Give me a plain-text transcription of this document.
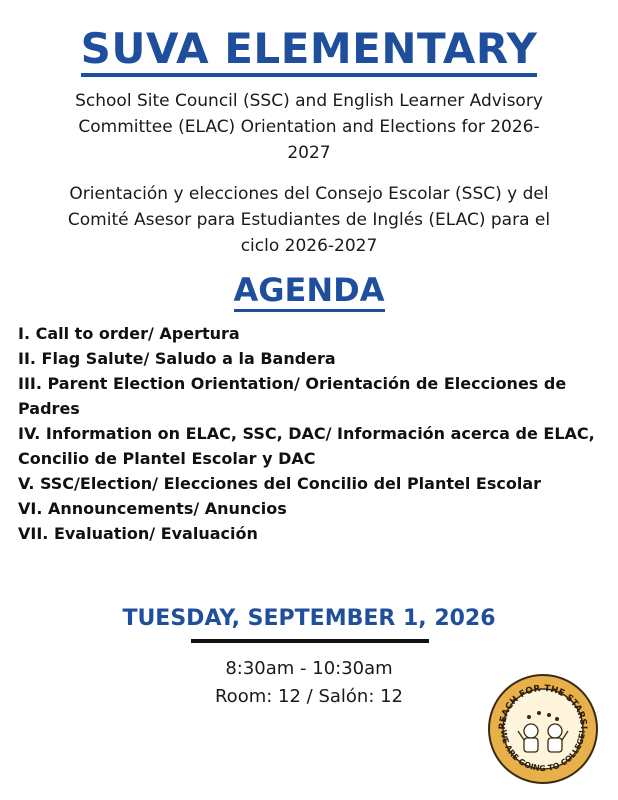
SUVA ELEMENTARY
School Site Council (SSC) and English Learner Advisory Committee (ELAC) Orientation and Elections for 2026-2027
Orientación y elecciones del Consejo Escolar (SSC) y del Comité Asesor para Estudiantes de Inglés (ELAC) para el ciclo 2026-2027
AGENDA
I. Call to order/ Apertura
II. Flag Salute/ Saludo a la Bandera
III. Parent Election Orientation/ Orientación de Elecciones de Padres
IV. Information on ELAC, SSC, DAC/ Información acerca de ELAC, Concilio de Plantel Escolar y DAC
V. SSC/Election/ Elecciones del Concilio del Plantel Escolar
VI. Announcements/ Anuncios
VII. Evaluation/ Evaluación
TUESDAY, SEPTEMBER 1, 2026
8:30am - 10:30am
Room: 12 / Salón: 12
REACH FOR THE STARS!
WE ARE GOING TO COLLEGE!
